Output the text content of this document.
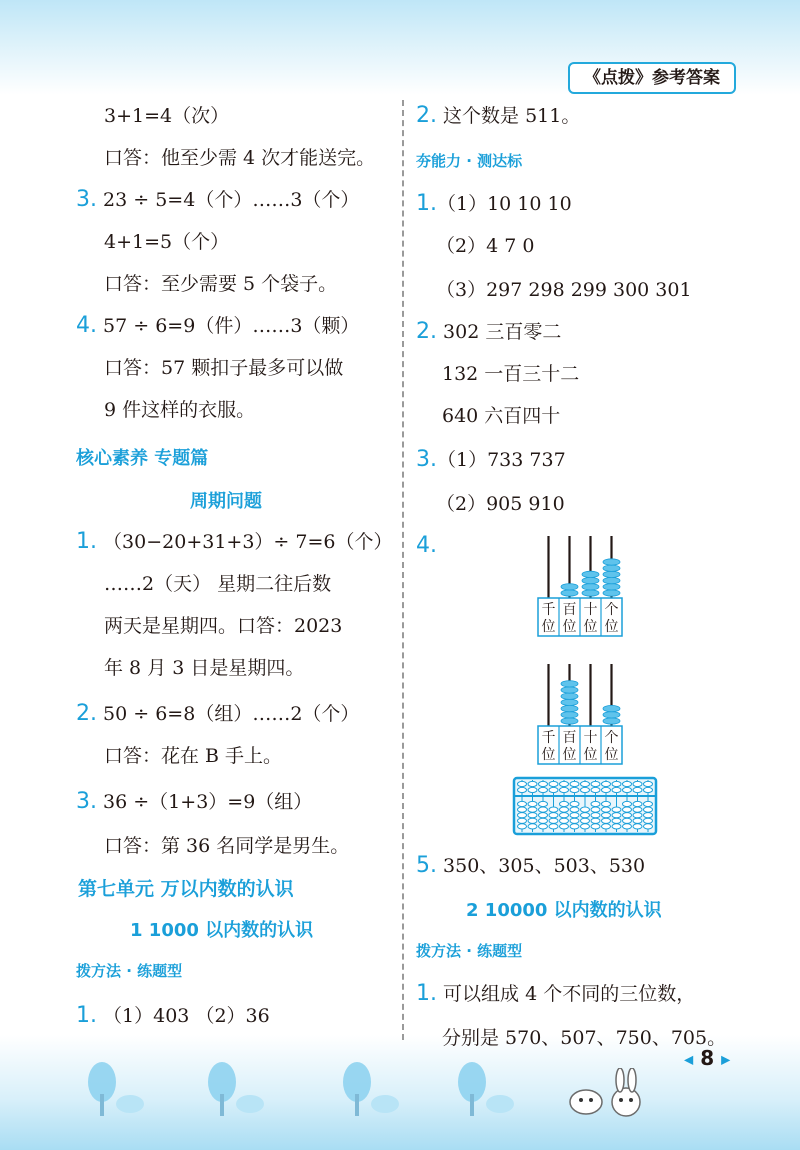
《点拨》参考答案
3+1=4（次）
口答：他至少需 4 次才能送完。
3. 23 ÷ 5=4（个）……3（个）
4+1=5（个）
口答：至少需要 5 个袋子。
4. 57 ÷ 6=9（件）……3（颗）
口答：57 颗扣子最多可以做
9 件这样的衣服。
核心素养 专题篇
周期问题
1. （30−20+31+3）÷ 7=6（个）
……2（天） 星期二往后数
两天是星期四。口答：2023
年 8 月 3 日是星期四。
2. 50 ÷ 6=8（组）……2（个）
口答：花在 B 手上。
3. 36 ÷（1+3）=9（组）
口答：第 36 名同学是男生。
第七单元 万以内数的认识
1 1000 以内数的认识
拨方法 · 练题型
1. （1）403 （2）36
2. 这个数是 511。
夯能力 · 测达标
1.（1）10 10 10
（2）4 7 0
（3）297 298 299 300 301
2. 302 三百零二
132 一百三十二
640 六百四十
3.（1）733 737
（2）905 910
4.
千
位
百
位
十
位
个
位
千
位
百
位
十
位
个
位
5. 350、305、503、530
2 10000 以内数的认识
拨方法 · 练题型
1. 可以组成 4 个不同的三位数，
分别是 570、507、750、705。
◀ 8 ▶
